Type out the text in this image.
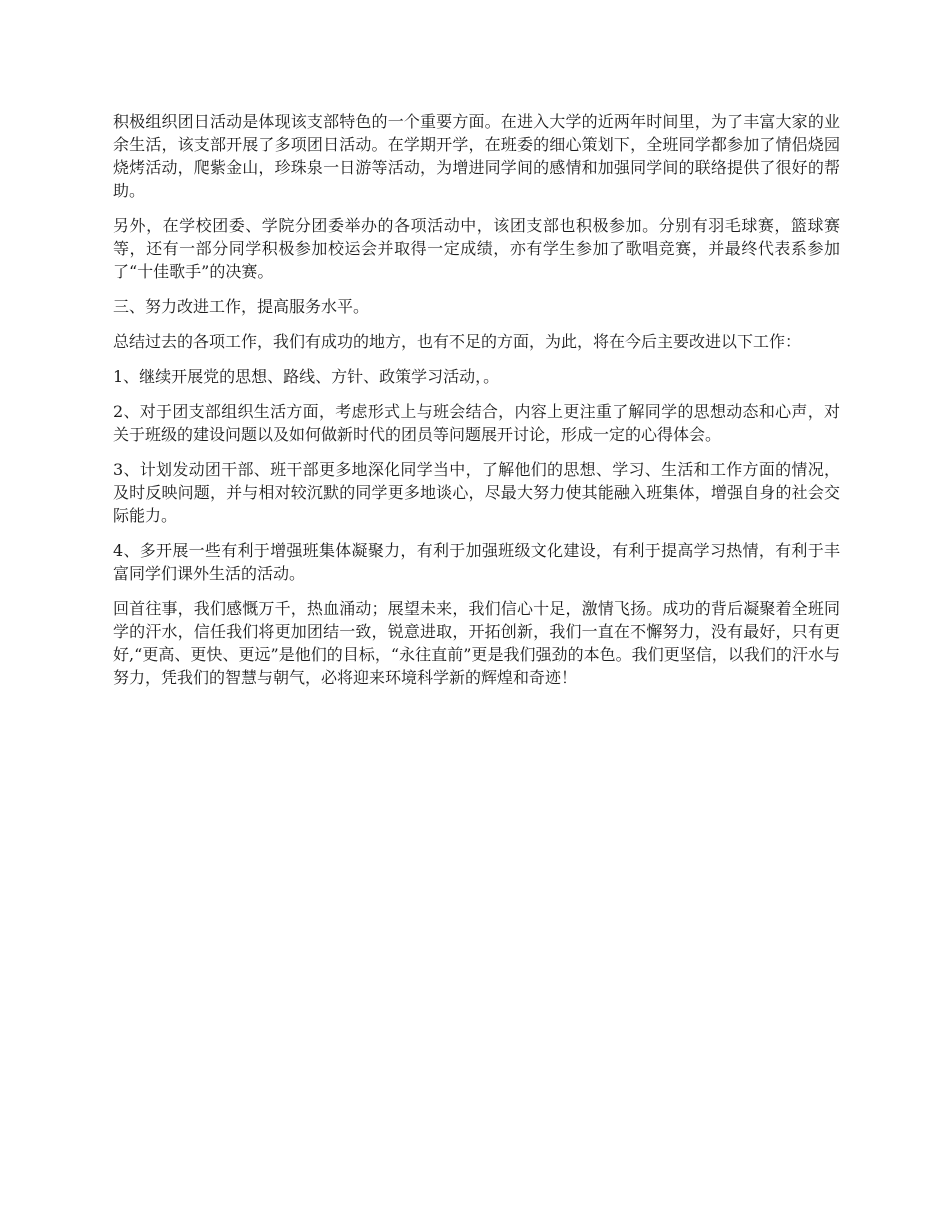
积极组织团日活动是体现该支部特色的一个重要方面。在进入大学的近两年时间里，为了丰富大家的业余生活，该支部开展了多项团日活动。在学期开学，在班委的细心策划下，全班同学都参加了情侣烧园烧烤活动，爬紫金山，珍珠泉一日游等活动，为增进同学间的感情和加强同学间的联络提供了很好的帮助。

另外，在学校团委、学院分团委举办的各项活动中，该团支部也积极参加。分别有羽毛球赛，篮球赛等，还有一部分同学积极参加校运会并取得一定成绩，亦有学生参加了歌唱竞赛，并最终代表系参加了“十佳歌手”的决赛。

三、努力改进工作，提高服务水平。

总结过去的各项工作，我们有成功的地方，也有不足的方面，为此，将在今后主要改进以下工作：

1、继续开展党的思想、路线、方针、政策学习活动，。

2、对于团支部组织生活方面，考虑形式上与班会结合，内容上更注重了解同学的思想动态和心声，对关于班级的建设问题以及如何做新时代的团员等问题展开讨论，形成一定的心得体会。

3、计划发动团干部、班干部更多地深化同学当中，了解他们的思想、学习、生活和工作方面的情况，及时反映问题，并与相对较沉默的同学更多地谈心，尽最大努力使其能融入班集体，增强自身的社会交际能力。

4、多开展一些有利于增强班集体凝聚力，有利于加强班级文化建设，有利于提高学习热情，有利于丰富同学们课外生活的活动。

回首往事，我们感慨万千，热血涌动；展望未来，我们信心十足，激情飞扬。成功的背后凝聚着全班同学的汗水，信任我们将更加团结一致，锐意进取，开拓创新，我们一直在不懈努力，没有最好，只有更好,“更高、更快、更远”是他们的目标，“永往直前”更是我们强劲的本色。我们更坚信，以我们的汗水与努力，凭我们的智慧与朝气，必将迎来环境科学新的辉煌和奇迹！
